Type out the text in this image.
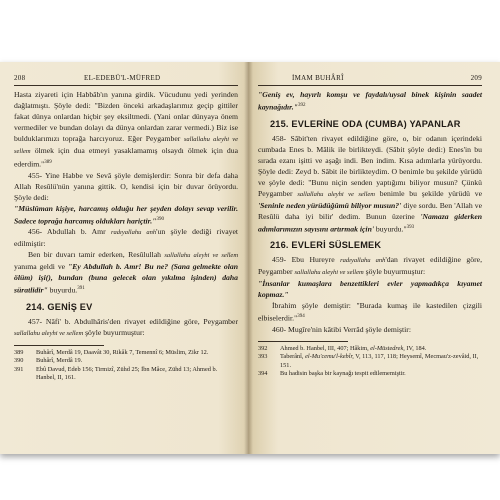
208	EL-EDEBÜ'L-MÜFRED

Hasta ziyareti için Habbâb'ın yanına girdik. Vücudunu yedi yerinden dağlatmıştı. Şöyle dedi: "Bizden önceki arkadaşlarımız geçip gittiler fakat dünya onlardan hiçbir şey eksiltmedi. (Yani onlar dünyaya önem vermediler ve bundan dolayı da dünya onlardan zarar vermedi.) Biz ise bulduklarımızı toprağa harcıyoruz. Eğer Peygamber sallallahu aleyhi ve sellem ölmek için dua etmeyi yasaklamamış olsaydı ölmek için dua ederdim."$^{389}$

455- Yine Habbe ve Sevâ şöyle demişlerdir: Sonra bir defa daha Allah Resûlü'nün yanına gittik. O, kendisi için bir duvar örüyordu. Şöyle dedi:

"Müslüman kişiye, harcamış olduğu her şeyden dolayı sevap verilir. Sadece toprağa harcamış oldukları hariçtir."$^{390}$

456- Abdullah b. Amr radıyallahu anh'un şöyle dediği rivayet edilmiştir:

Ben bir duvarı tamir ederken, Resûlullah sallallahu aleyhi ve sellem yanıma geldi ve "Ey Abdullah b. Amr! Bu ne? (Sana gelmekte olan ölüm) işi(), bundan (buna gelecek olan yıkılma işinden) daha süratlidir" buyurdu.$^{391}$

214. GENİŞ EV

457- Nâfi' b. Abdulhâris'den rivayet edildiğine göre, Peygamber sallallahu aleyhi ve sellem şöyle buyurmuştur:

389 Buhârî, Merdâ 19, Daavât 30, Rikâk 7, Temennî 6; Müslim, Zikr 12.
390 Buhârî, Merdâ 19.
391 Ebû Davud, Edeb 156; Tirmizî, Zühd 25; İbn Mâce, Zühd 13; Ahmed b. Hanbel, II, 161.
İMAM BUHÂRÎ	209

"Geniş ev, hayırlı komşu ve faydalı/uysal binek kişinin saadet kaynağıdır."$^{392}$

215. EVLERİNE ODA (CUMBA) YAPANLAR

458- Sâbit'ten rivayet edildiğine göre, o, bir odanın içerindeki cumbada Enes b. Mâlik ile birlikteydi. (Sâbit şöyle dedi:) Enes'in bu sırada ezanı işitti ve aşağı indi. Ben indim. Kısa adımlarla yürüyordu. Şöyle dedi: Zeyd b. Sâbit ile birlikteydim. O benimle bu şekilde yürüdü ve şöyle dedi: "Bunu niçin senden yaptığımı biliyor musun? Çünkü Peygamber sallallahu aleyhi ve sellem benimle bu şekilde yürüdü ve 'Seninle neden yürüdüğümü biliyor musun?' diye sordu. Ben 'Allah ve Resûlü daha iyi bilir' dedim. Bunun üzerine 'Namaza giderken adımlarımızın sayısını artırmak için' buyurdu."$^{393}$

216. EVLERİ SÜSLEMEK

459- Ebu Hureyre radıyallahu anh'dan rivayet edildiğine göre, Peygamber sallallahu aleyhi ve sellem şöyle buyurmuştur:

"İnsanlar kumaşlara benzettikleri evler yapmadıkça kıyamet kopmaz."

İbrahim şöyle demiştir: "Burada kumaş ile kastedilen çizgili elbiselerdir."$^{394}$

460- Mugîre'nin kâtibi Verrâd şöyle demiştir:

392 Ahmed b. Hanbel, III, 407; Hâkim, el-Müstedrek, IV, 184.
393 Taberânî, el-Mu'cemu'l-kebîr, V, 113, 117, 118; Heysemî, Mecmau'z-zevâid, II, 151.
394 Bu hadisin başka bir kaynağı tespit edilememiştir.
